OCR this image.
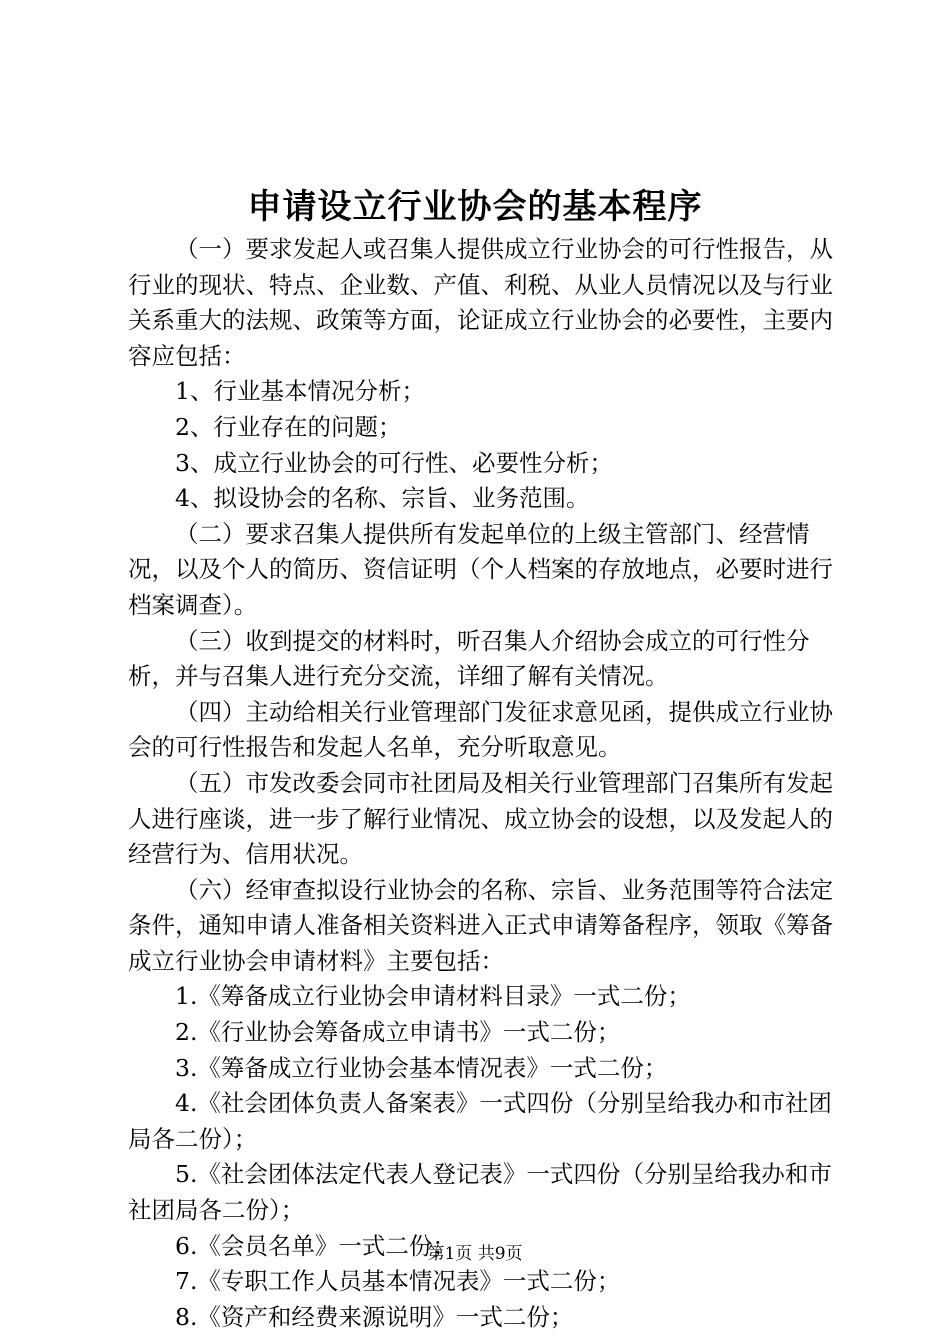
申请设立行业协会的基本程序

（一）要求发起人或召集人提供成立行业协会的可行性报告，从行业的现状、特点、企业数、产值、利税、从业人员情况以及与行业关系重大的法规、政策等方面，论证成立行业协会的必要性，主要内容应包括：

1、行业基本情况分析；

2、行业存在的问题；

3、成立行业协会的可行性、必要性分析；

4、拟设协会的名称、宗旨、业务范围。

（二）要求召集人提供所有发起单位的上级主管部门、经营情况，以及个人的简历、资信证明（个人档案的存放地点，必要时进行档案调查）。

（三）收到提交的材料时，听召集人介绍协会成立的可行性分析，并与召集人进行充分交流，详细了解有关情况。

（四）主动给相关行业管理部门发征求意见函，提供成立行业协会的可行性报告和发起人名单，充分听取意见。

（五）市发改委会同市社团局及相关行业管理部门召集所有发起人进行座谈，进一步了解行业情况、成立协会的设想，以及发起人的经营行为、信用状况。

（六）经审查拟设行业协会的名称、宗旨、业务范围等符合法定条件，通知申请人准备相关资料进入正式申请筹备程序，领取《筹备成立行业协会申请材料》主要包括：

1.《筹备成立行业协会申请材料目录》一式二份；

2.《行业协会筹备成立申请书》一式二份；

3.《筹备成立行业协会基本情况表》一式二份；

4.《社会团体负责人备案表》一式四份（分别呈给我办和市社团局各二份）；

5.《社会团体法定代表人登记表》一式四份（分别呈给我办和市社团局各二份）；

6.《会员名单》一式二份；

7.《专职工作人员基本情况表》一式二份；

8.《资产和经费来源说明》一式二份；

第1页 共9页
